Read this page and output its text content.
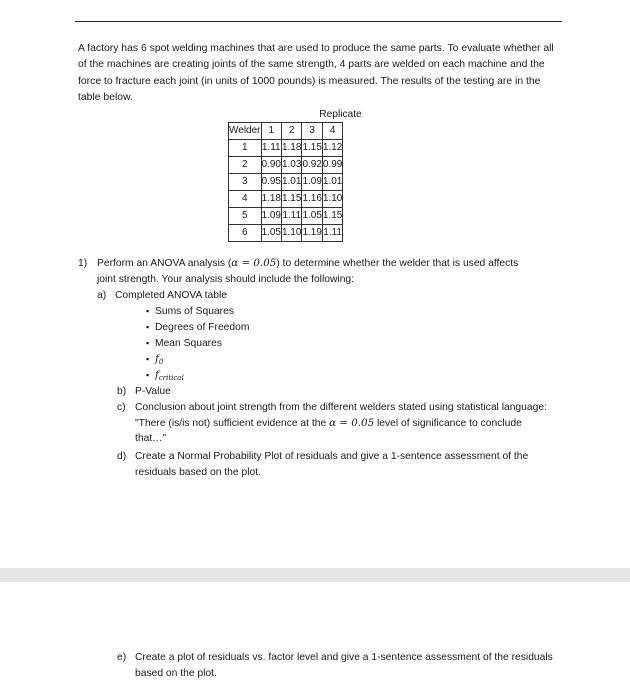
A factory has 6 spot welding machines that are used to produce the same parts. To evaluate whether all of the machines are creating joints of the same strength, 4 parts are welded on each machine and the force to fracture each joint (in units of 1000 pounds) is measured. The results of the testing are in the table below.

Replicate
Welder	1	2	3	4
1	1.11	1.18	1.15	1.12
2	0.90	1.03	0.92	0.99
3	0.95	1.01	1.09	1.01
4	1.18	1.15	1.16	1.10
5	1.09	1.11	1.05	1.15
6	1.05	1.10	1.19	1.11
1) Perform an ANOVA analysis (α = 0.05) to determine whether the welder that is used affects joint strength. Your analysis should include the following:
a) Completed ANOVA table
▪ Sums of Squares
▪ Degrees of Freedom
▪ Mean Squares
▪ f0
▪ fcritical
b) P-Value
c) Conclusion about joint strength from the different welders stated using statistical language: "There (is/is not) sufficient evidence at the α = 0.05 level of significance to conclude that…"
d) Create a Normal Probability Plot of residuals and give a 1-sentence assessment of the residuals based on the plot.
e) Create a plot of residuals vs. factor level and give a 1-sentence assessment of the residuals based on the plot.
